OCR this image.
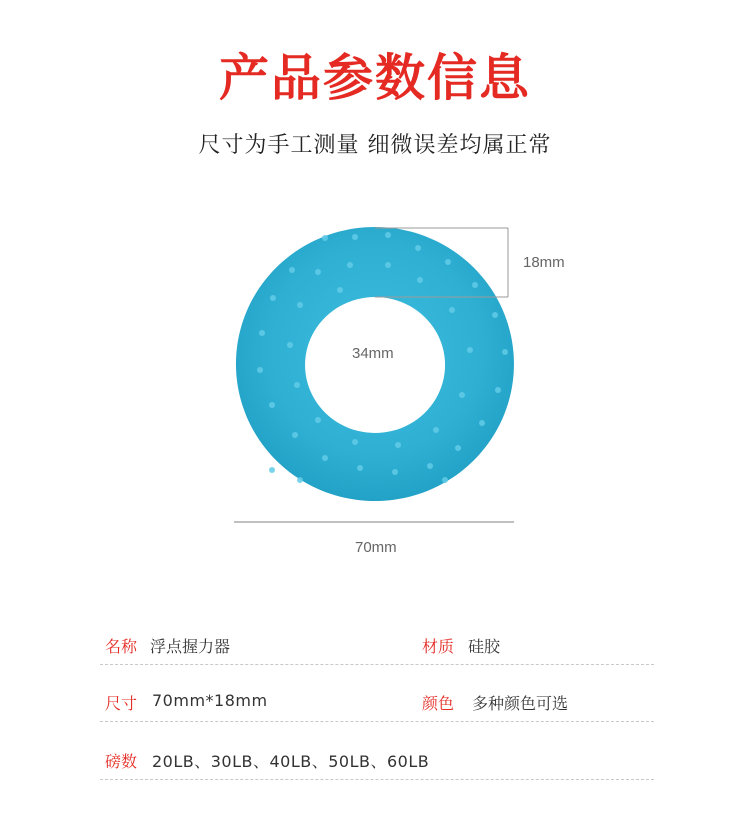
产品参数信息
尺寸为手工测量 细微误差均属正常
18mm
34mm
70mm
名称 浮点握力器	材质 硅胶
尺寸 70mm*18mm	颜色 多种颜色可选
磅数 20LB、30LB、40LB、50LB、60LB
